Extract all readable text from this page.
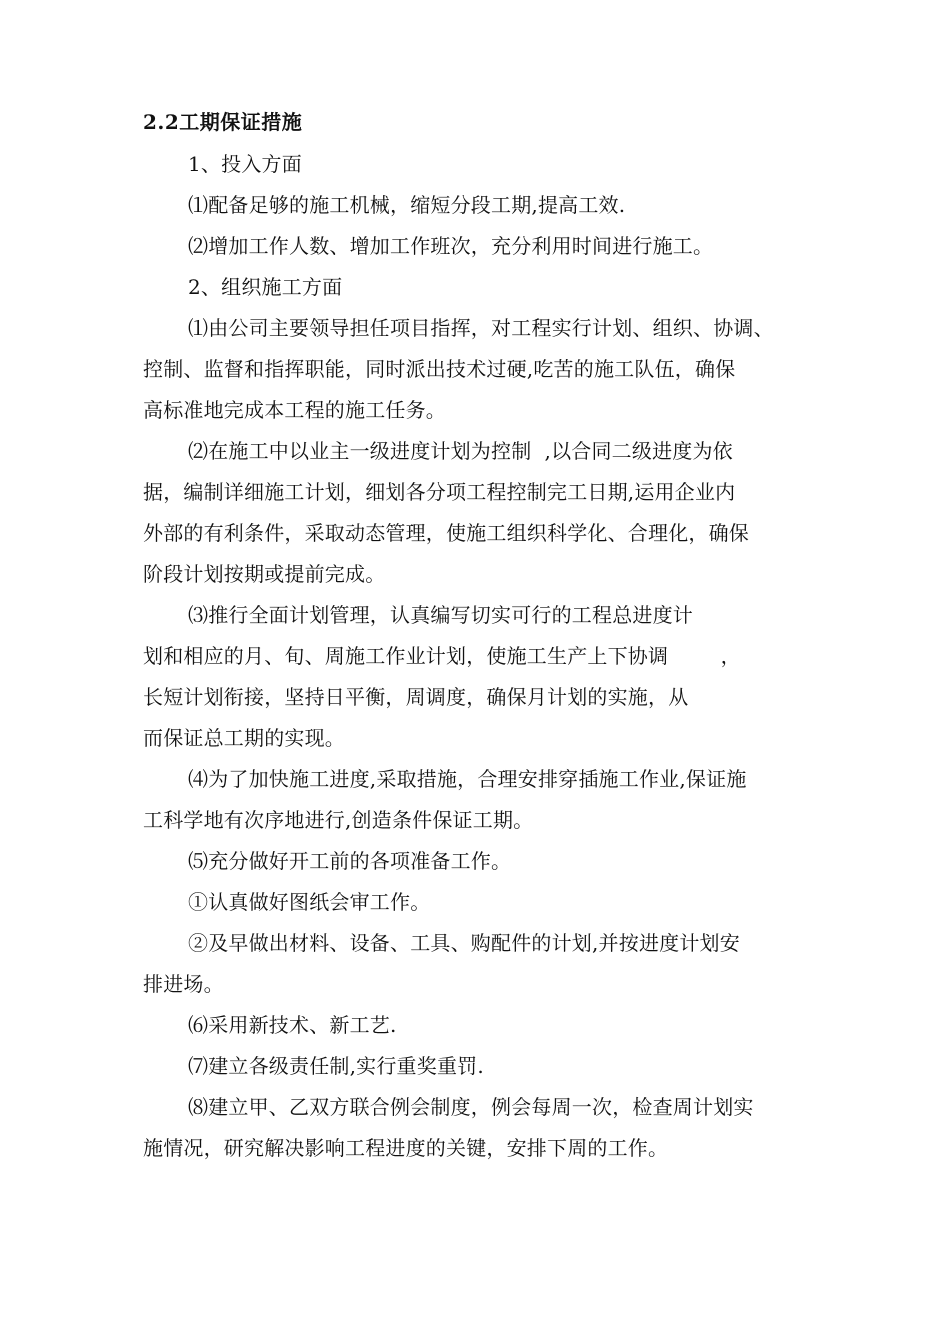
2.2工期保证措施
1、投入方面
⑴配备足够的施工机械，缩短分段工期,提高工效.
⑵增加工作人数、增加工作班次，充分利用时间进行施工。
2、组织施工方面
⑴由公司主要领导担任项目指挥，对工程实行计划、组织、协调、
控制、监督和指挥职能，同时派出技术过硬,吃苦的施工队伍，确保
高标准地完成本工程的施工任务。
⑵在施工中以业主一级进度计划为控制  ,以合同二级进度为依
据，编制详细施工计划，细划各分项工程控制完工日期,运用企业内
外部的有利条件，采取动态管理，使施工组织科学化、合理化，确保
阶段计划按期或提前完成。
⑶推行全面计划管理，认真编写切实可行的工程总进度计
划和相应的月、旬、周施工作业计划，使施工生产上下协调        ，
长短计划衔接，坚持日平衡，周调度，确保月计划的实施，从
而保证总工期的实现。
⑷为了加快施工进度,采取措施，合理安排穿插施工作业,保证施
工科学地有次序地进行,创造条件保证工期。
⑸充分做好开工前的各项准备工作。
①认真做好图纸会审工作。
②及早做出材料、设备、工具、购配件的计划,并按进度计划安
排进场。
⑹采用新技术、新工艺.
⑺建立各级责任制,实行重奖重罚.
⑻建立甲、乙双方联合例会制度，例会每周一次，检查周计划实
施情况，研究解决影响工程进度的关键，安排下周的工作。
